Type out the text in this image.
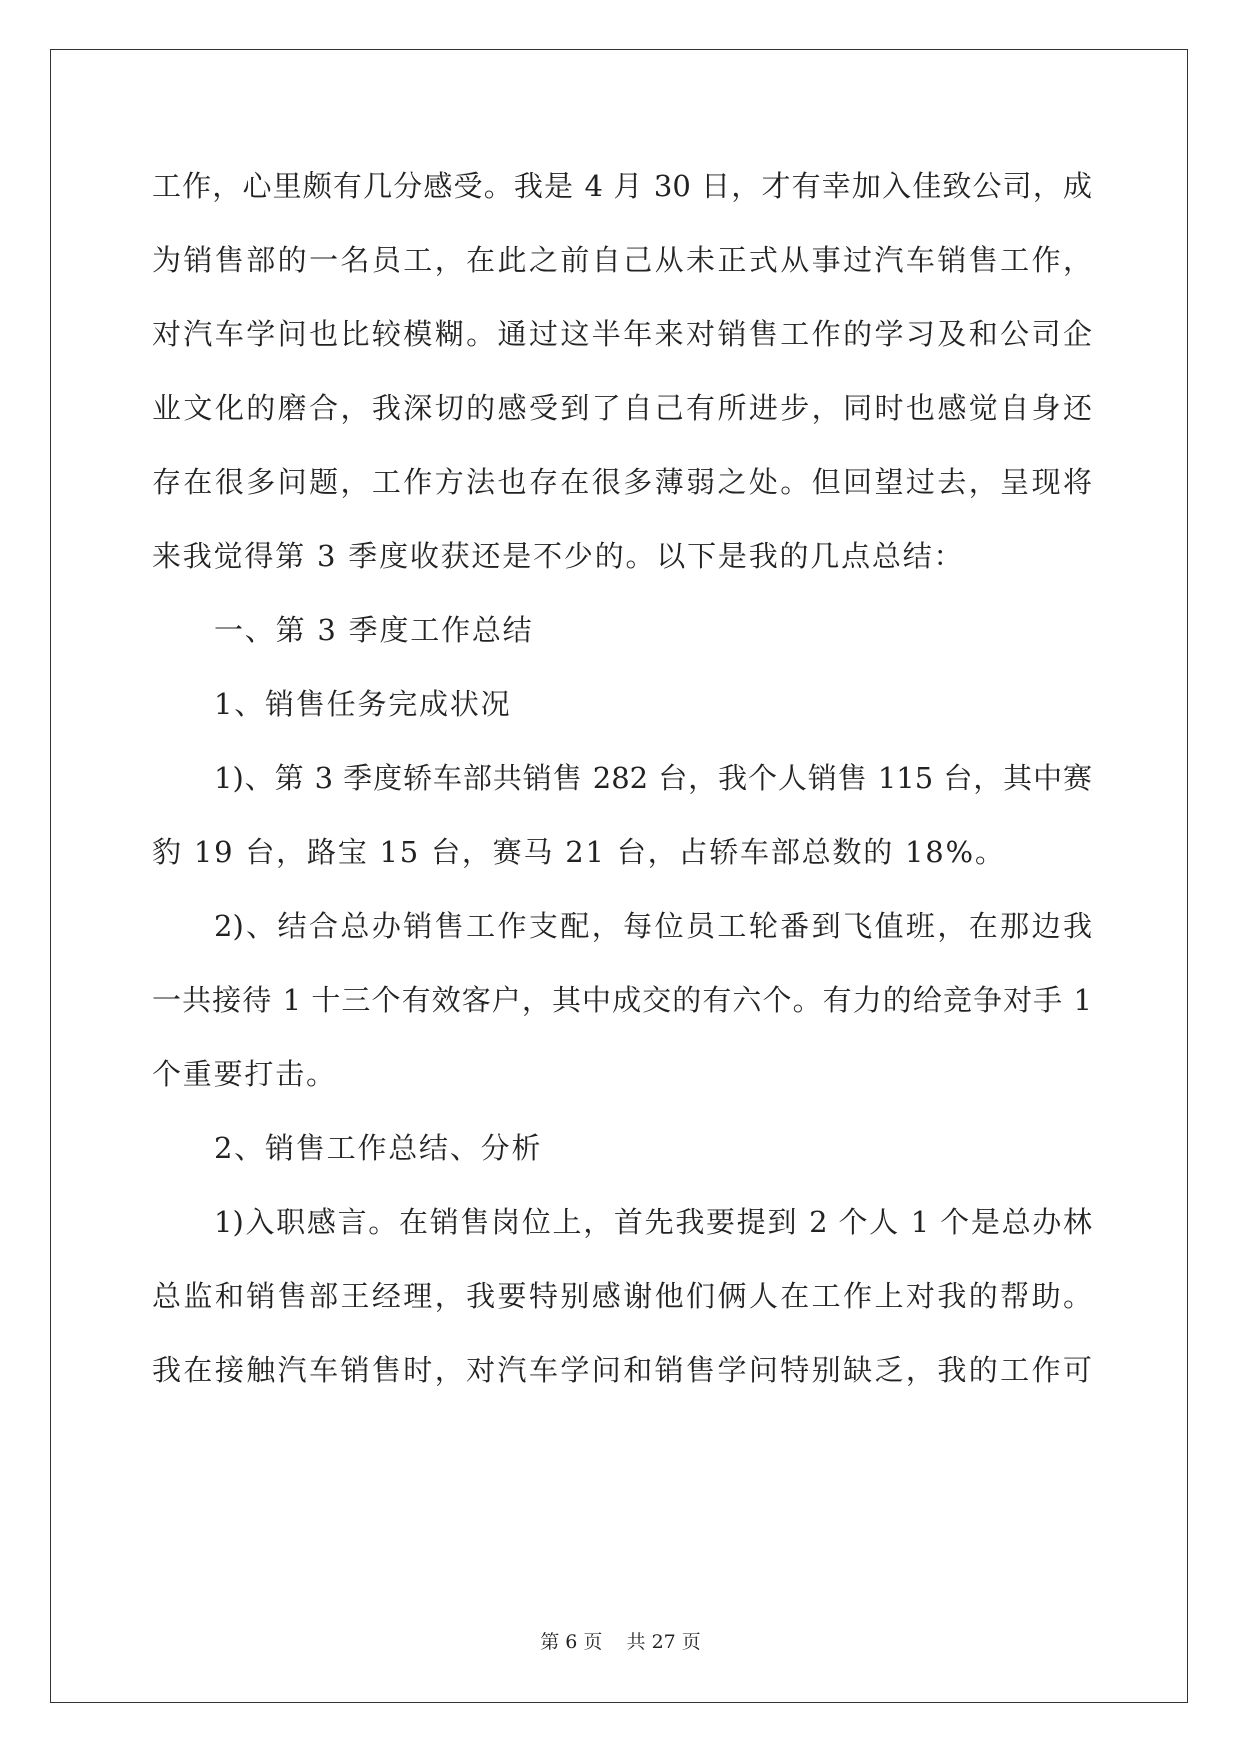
工作，心里颇有几分感受。我是 4 月 30 日，才有幸加入佳致公司，成
为销售部的一名员工，在此之前自己从未正式从事过汽车销售工作，
对汽车学问也比较模糊。通过这半年来对销售工作的学习及和公司企
业文化的磨合，我深切的感受到了自己有所进步，同时也感觉自身还
存在很多问题，工作方法也存在很多薄弱之处。但回望过去，呈现将
来我觉得第 3 季度收获还是不少的。以下是我的几点总结：
一、第 3 季度工作总结
1、销售任务完成状况
1)、第 3 季度轿车部共销售 282 台，我个人销售 115 台，其中赛
豹 19 台，路宝 15 台，赛马 21 台，占轿车部总数的 18%。
2)、结合总办销售工作支配，每位员工轮番到飞值班，在那边我
一共接待 1 十三个有效客户，其中成交的有六个。有力的给竞争对手 1
个重要打击。
2、销售工作总结、分析
1)入职感言。在销售岗位上，首先我要提到 2 个人 1 个是总办林
总监和销售部王经理，我要特别感谢他们俩人在工作上对我的帮助。
我在接触汽车销售时，对汽车学问和销售学问特别缺乏，我的工作可
第 6 页 共 27 页
